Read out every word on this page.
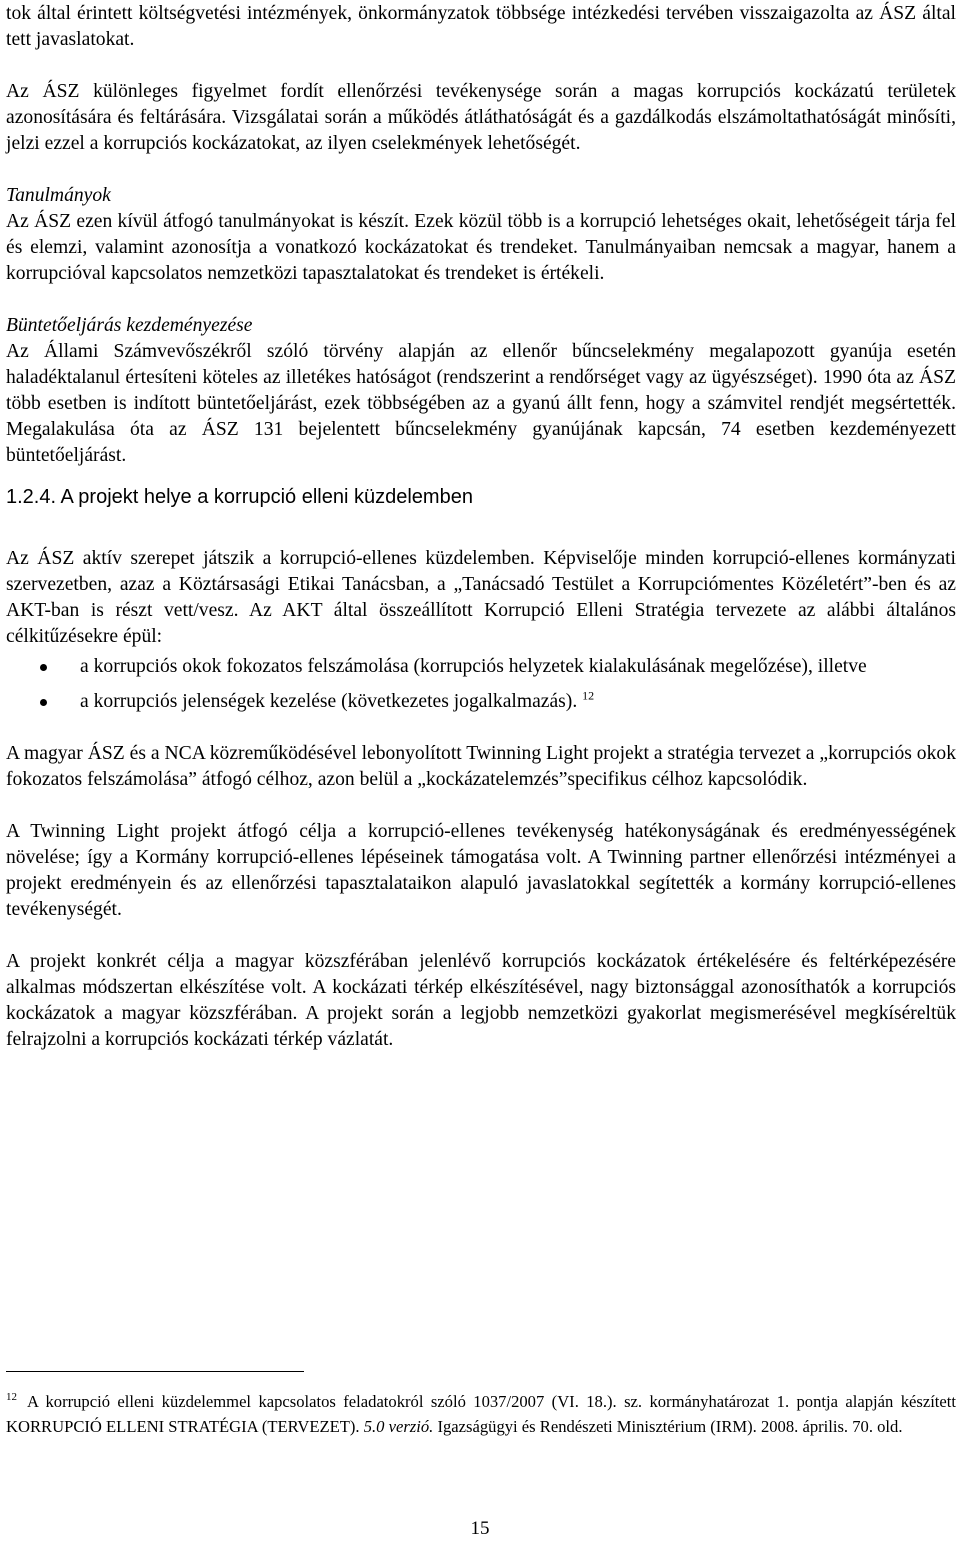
tok által érintett költségvetési intézmények, önkormányzatok többsége intézkedési tervében visszaigazolta az ÁSZ által tett javaslatokat.

Az ÁSZ különleges figyelmet fordít ellenőrzési tevékenysége során a magas korrupciós kockázatú területek azonosítására és feltárására. Vizsgálatai során a működés átláthatóságát és a gazdálkodás elszámoltathatóságát minősíti, jelzi ezzel a korrupciós kockázatokat, az ilyen cselekmények lehetőségét.

Tanulmányok

Az ÁSZ ezen kívül átfogó tanulmányokat is készít. Ezek közül több is a korrupció lehetséges okait, lehetőségeit tárja fel és elemzi, valamint azonosítja a vonatkozó kockázatokat és trendeket. Tanulmányaiban nemcsak a magyar, hanem a korrupcióval kapcsolatos nemzetközi tapasztalatokat és trendeket is értékeli.

Büntetőeljárás kezdeményezése

Az Állami Számvevőszékről szóló törvény alapján az ellenőr bűncselekmény megalapozott gyanúja esetén haladéktalanul értesíteni köteles az illetékes hatóságot (rendszerint a rendőrséget vagy az ügyészséget). 1990 óta az ÁSZ több esetben is indított büntetőeljárást, ezek többségében az a gyanú állt fenn, hogy a számvitel rendjét megsértették. Megalakulása óta az ÁSZ 131 bejelentett bűncselekmény gyanújának kapcsán, 74 esetben kezdeményezett büntetőeljárást.

1.2.4. A projekt helye a korrupció elleni küzdelemben

Az ÁSZ aktív szerepet játszik a korrupció-ellenes küzdelemben. Képviselője minden korrupció-ellenes kormányzati szervezetben, azaz a Köztársasági Etikai Tanácsban, a „Tanácsadó Testület a Korrupciómentes Közéletért”-ben és az AKT-ban is részt vett/vesz. Az AKT által összeállított Korrupció Elleni Stratégia tervezete az alábbi általános célkitűzésekre épül:

a korrupciós okok fokozatos felszámolása (korrupciós helyzetek kialakulásának megelőzése), illetve
a korrupciós jelenségek kezelése (következetes jogalkalmazás). $^{12}$

A magyar ÁSZ és a NCA közreműködésével lebonyolított Twinning Light projekt a stratégia tervezet a „korrupciós okok fokozatos felszámolása” átfogó célhoz, azon belül a „kockázatelemzés”specifikus célhoz kapcsolódik.

A Twinning Light projekt átfogó célja a korrupció-ellenes tevékenység hatékonyságának és eredményességének növelése; így a Kormány korrupció-ellenes lépéseinek támogatása volt. A Twinning partner ellenőrzési intézményei a projekt eredményein és az ellenőrzési tapasztalataikon alapuló javaslatokkal segítették a kormány korrupció-ellenes tevékenységét.

A projekt konkrét célja a magyar közszférában jelenlévő korrupciós kockázatok értékelésére és feltérképezésére alkalmas módszertan elkészítése volt. A kockázati térkép elkészítésével, nagy biztonsággal azonosíthatók a korrupciós kockázatok a magyar közszférában. A projekt során a legjobb nemzetközi gyakorlat megismerésével megkíséreltük felrajzolni a korrupciós kockázati térkép vázlatát.

$^{12}$ A korrupció elleni küzdelemmel kapcsolatos feladatokról szóló 1037/2007 (VI. 18.). sz. kormányhatározat 1. pontja alapján készített KORRUPCIÓ ELLENI STRATÉGIA (TERVEZET). 5.0 verzió. Igazságügyi és Rendészeti Minisztérium (IRM). 2008. április. 70. old.
15
